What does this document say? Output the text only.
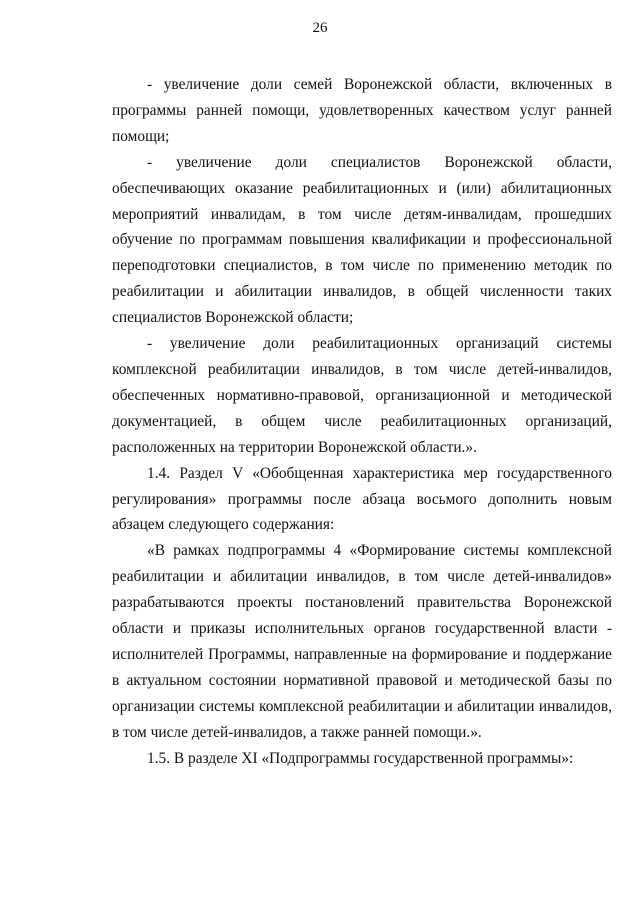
26

- увеличение доли семей Воронежской области, включенных в программы ранней помощи, удовлетворенных качеством услуг ранней помощи;

- увеличение доли специалистов Воронежской области, обеспечивающих оказание реабилитационных и (или) абилитационных мероприятий инвалидам, в том числе детям-инвалидам, прошедших обучение по программам повышения квалификации и профессиональной переподготовки специалистов, в том числе по применению методик по реабилитации и абилитации инвалидов, в общей численности таких специалистов Воронежской области;

- увеличение доли реабилитационных организаций системы комплексной реабилитации инвалидов, в том числе детей-инвалидов, обеспеченных нормативно-правовой, организационной и методической документацией, в общем числе реабилитационных организаций, расположенных на территории Воронежской области.».

1.4. Раздел V «Обобщенная характеристика мер государственного регулирования» программы после абзаца восьмого дополнить новым абзацем следующего содержания:

«В рамках подпрограммы 4 «Формирование системы комплексной реабилитации и абилитации инвалидов, в том числе детей-инвалидов» разрабатываются проекты постановлений правительства Воронежской области и приказы исполнительных органов государственной власти - исполнителей Программы, направленные на формирование и поддержание в актуальном состоянии нормативной правовой и методической базы по организации системы комплексной реабилитации и абилитации инвалидов, в том числе детей-инвалидов, а также ранней помощи.».

1.5. В разделе XI «Подпрограммы государственной программы»:
